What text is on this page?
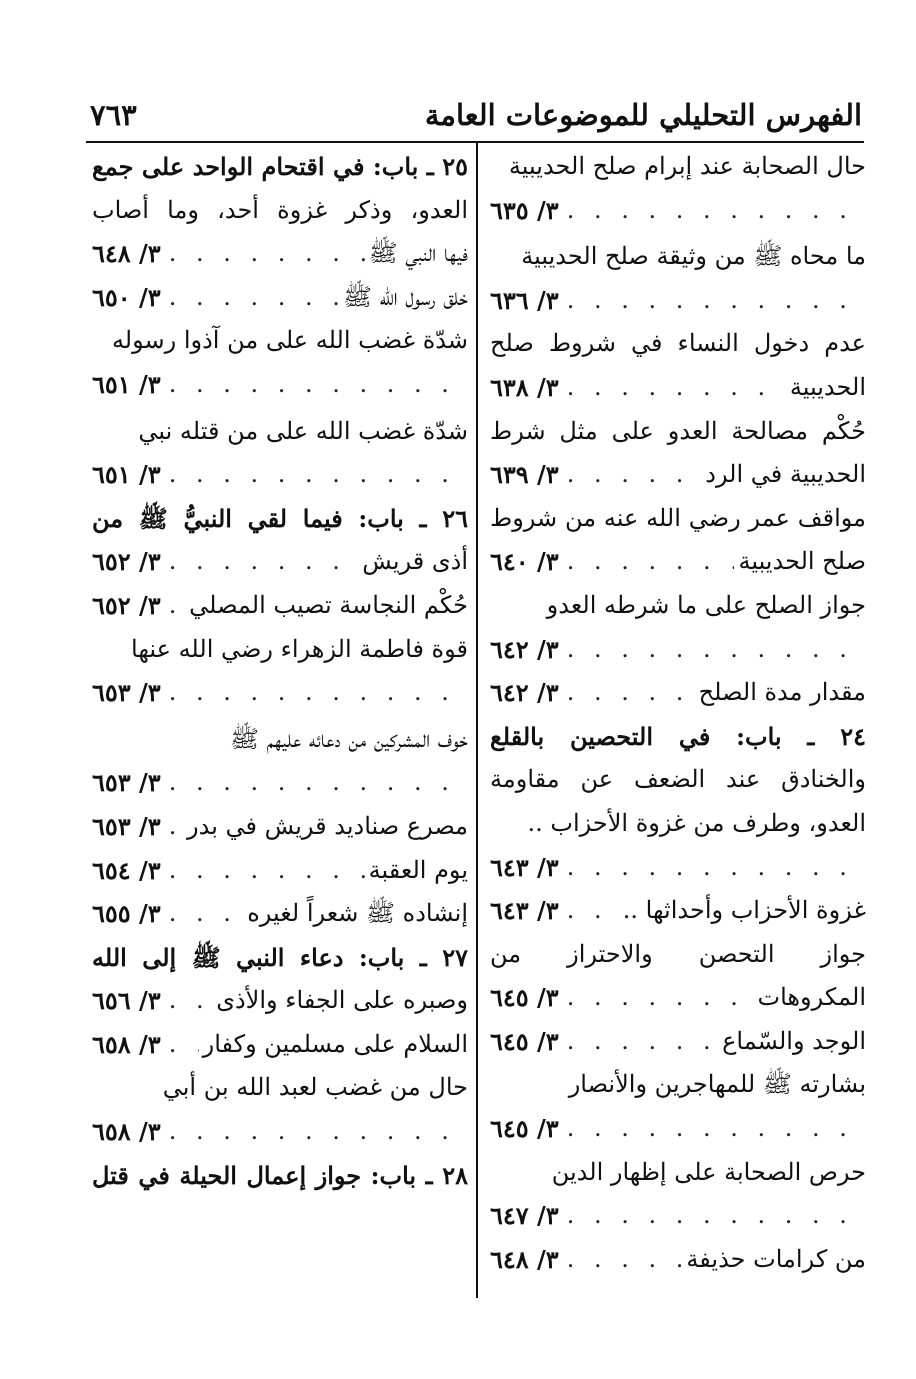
الفهرس التحليلي للموضوعات العامة
٧٦٣
حال الصحابة عند إبرام صلح الحديبية
. . .
٣/ ٦٣٥
ما محاه ﷺ من وثيقة صلح الحديبية
. . .
٣/ ٦٣٦
عدم دخول النساء في شروط صلح
الحديبية
. . .
٣/ ٦٣٨
حُكْم مصالحة العدو على مثل شرط
الحديبية في الرد
. . .
٣/ ٦٣٩
مواقف عمر رضي الله عنه من شروط
صلح الحديبية
. . .
٣/ ٦٤٠
جواز الصلح على ما شرطه العدو
. . .
٣/ ٦٤٢
مقدار مدة الصلح
. . .
٣/ ٦٤٢
٢٤ ـ باب: في التحصين بالقلع
والخنادق عند الضعف عن مقاومة
العدو، وطرف من غزوة الأحزاب ..
. . .
٣/ ٦٤٣
غزوة الأحزاب وأحداثها ..
. . .
٣/ ٦٤٣
جواز التحصن والاحتراز من
المكروهات
. . .
٣/ ٦٤٥
الوجد والسّماع
. . .
٣/ ٦٤٥
بشارته ﷺ للمهاجرين والأنصار
. . .
٣/ ٦٤٥
حرص الصحابة على إظهار الدين
. . .
٣/ ٦٤٧
من كرامات حذيفة
. . .
٣/ ٦٤٨
٢٥ ـ باب: في اقتحام الواحد على جمع
العدو، وذكر غزوة أحد، وما أصاب
فيها النبي ﷺ
. . .
٣/ ٦٤٨
خلق رسول الله ﷺ
. . .
٣/ ٦٥٠
شدّة غضب الله على من آذوا رسوله
. . .
٣/ ٦٥١
شدّة غضب الله على من قتله نبي
. . .
٣/ ٦٥١
٢٦ ـ باب: فيما لقي النبيُّ ﷺ من
أذى قريش
. . .
٣/ ٦٥٢
حُكْم النجاسة تصيب المصلي
. . .
٣/ ٦٥٢
قوة فاطمة الزهراء رضي الله عنها
. . .
٣/ ٦٥٣
خوف المشركين من دعائه عليهم ﷺ
. . .
٣/ ٦٥٣
مصرع صناديد قريش في بدر
. . .
٣/ ٦٥٣
يوم العقبة
. . .
٣/ ٦٥٤
إنشاده ﷺ شعراً لغيره
. . .
٣/ ٦٥٥
٢٧ ـ باب: دعاء النبي ﷺ إلى الله
وصبره على الجفاء والأذى
. . .
٣/ ٦٥٦
السلام على مسلمين وكفار
. . .
٣/ ٦٥٨
حال من غضب لعبد الله بن أبي
. . .
٣/ ٦٥٨
٢٨ ـ باب: جواز إعمال الحيلة في قتل
